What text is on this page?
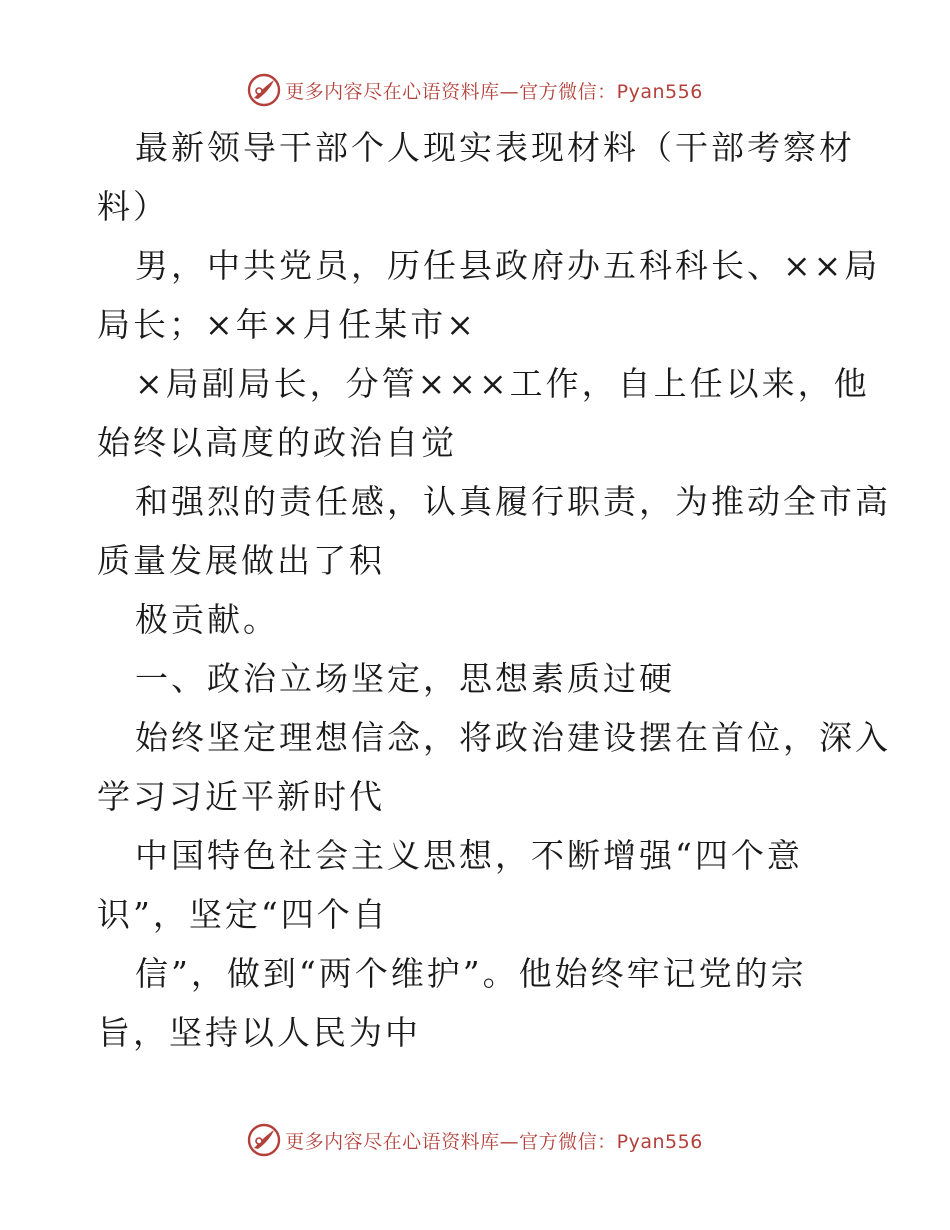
更多内容尽在心语资料库—官方微信：Pyan556
最新领导干部个人现实表现材料（干部考察材
料）
男，中共党员，历任县政府办五科科长、××局
局长；×年×月任某市×
×局副局长，分管×××工作，自上任以来，他
始终以高度的政治自觉
和强烈的责任感，认真履行职责，为推动全市高
质量发展做出了积
极贡献。
一、政治立场坚定，思想素质过硬
始终坚定理想信念，将政治建设摆在首位，深入
学习习近平新时代
中国特色社会主义思想，不断增强“四个意
识”，坚定“四个自
信”，做到“两个维护”。他始终牢记党的宗
旨，坚持以人民为中
更多内容尽在心语资料库—官方微信：Pyan556
